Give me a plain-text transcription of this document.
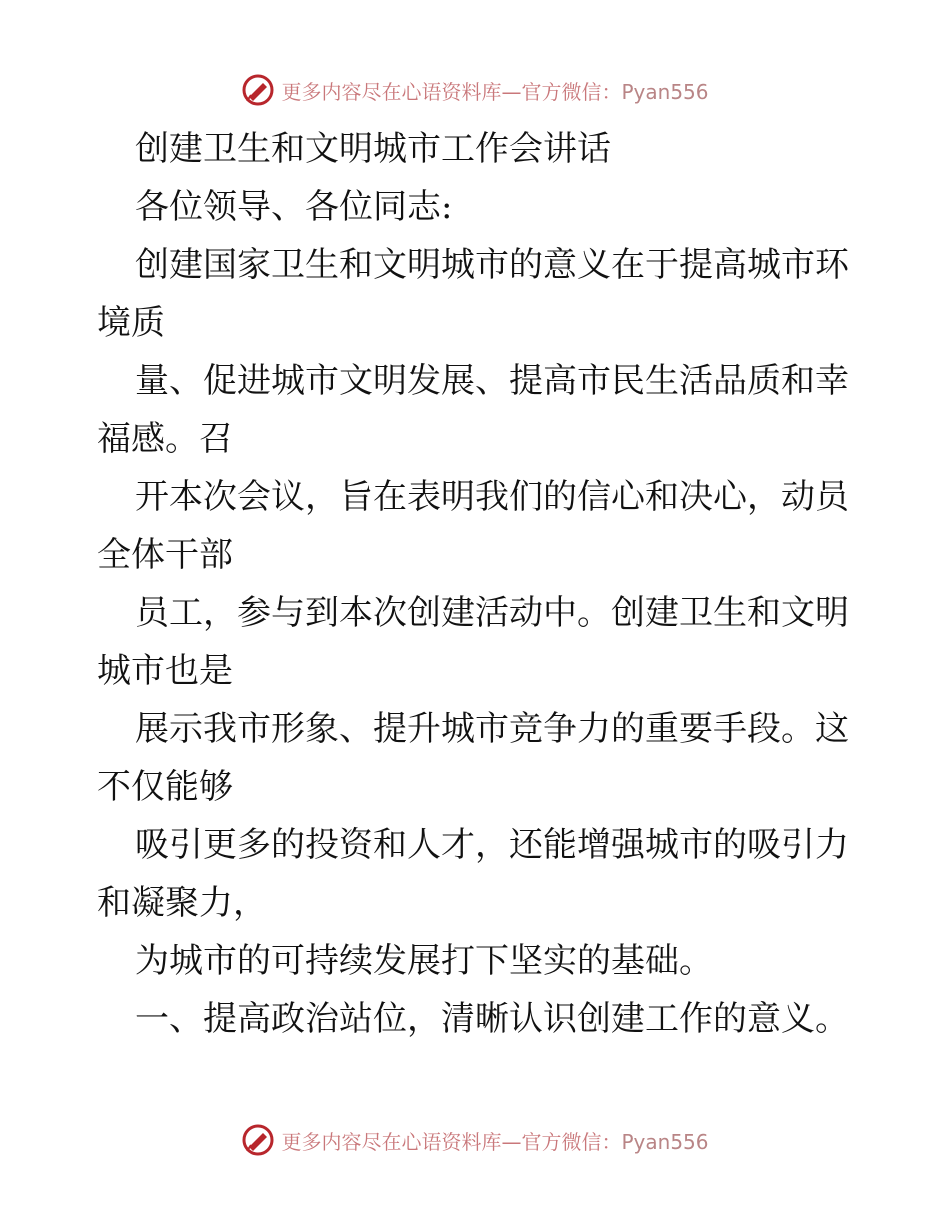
更多内容尽在心语资料库—官方微信：Pyan556
创建卫生和文明城市工作会讲话
各位领导、各位同志:
创建国家卫生和文明城市的意义在于提高城市环
境质
量、促进城市文明发展、提高市民生活品质和幸
福感。召
开本次会议，旨在表明我们的信心和决心，动员
全体干部
员工，参与到本次创建活动中。创建卫生和文明
城市也是
展示我市形象、提升城市竞争力的重要手段。这
不仅能够
吸引更多的投资和人才，还能增强城市的吸引力
和凝聚力，
为城市的可持续发展打下坚实的基础。
一、提高政治站位，清晰认识创建工作的意义。
更多内容尽在心语资料库—官方微信：Pyan556
